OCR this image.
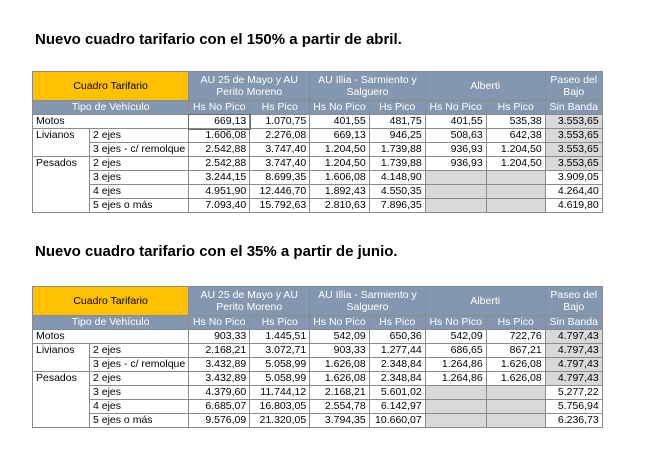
Nuevo cuadro tarifario con el 150% a partir de abril.
Cuadro Tarifario		AU 25 de Mayo y AU Perito Moreno		AU Illia - Sarmiento y Salguero		Alberti		Paseo del Bajo
Tipo de Vehículo		Hs No Pico	Hs Pico	Hs No Pico	Hs Pico	Hs No Pico	Hs Pico	Sin Banda
Motos		669,13	1.070,75	401,55	481,75	401,55	535,38	3.553,65
Livianos	2 ejes	1.606,08	2.276,08	669,13	946,25	508,63	642,38	3.553,65
	3 ejes - c/ remolque	2.542,88	3.747,40	1.204,50	1.739,88	936,93	1.204,50	3.553,65
Pesados	2 ejes	2.542,88	3.747,40	1.204,50	1.739,88	936,93	1.204,50	3.553,65
	3 ejes	3.244,15	8.699,35	1.606,08	4.148,90			3.909,05
	4 ejes	4.951,90	12.446,70	1.892,43	4.550,35			4.264,40
	5 ejes o más	7.093,40	15.792,63	2.810,63	7.896,35			4.619,80
Nuevo cuadro tarifario con el 35% a partir de junio.
Cuadro Tarifario		AU 25 de Mayo y AU Perito Moreno		AU Illia - Sarmiento y Salguero		Alberti		Paseo del Bajo
Tipo de Vehículo		Hs No Pico	Hs Pico	Hs No Pico	Hs Pico	Hs No Pico	Hs Pico	Sin Banda
Motos		903,33	1.445,51	542,09	650,36	542,09	722,76	4.797,43
Livianos	2 ejes	2.168,21	3.072,71	903,33	1.277,44	686,65	867,21	4.797,43
	3 ejes - c/ remolque	3.432,89	5.058,99	1.626,08	2.348,84	1.264,86	1.626,08	4.797,43
Pesados	2 ejes	3.432,89	5.058,99	1.626,08	2.348,84	1.264,86	1.626,08	4.797,43
	3 ejes	4.379,60	11.744,12	2.168,21	5.601,02			5.277,22
	4 ejes	6.685,07	16.803,05	2.554,78	6.142,97			5.756,94
	5 ejes o más	9.576,09	21.320,05	3.794,35	10.660,07			6.236,73
